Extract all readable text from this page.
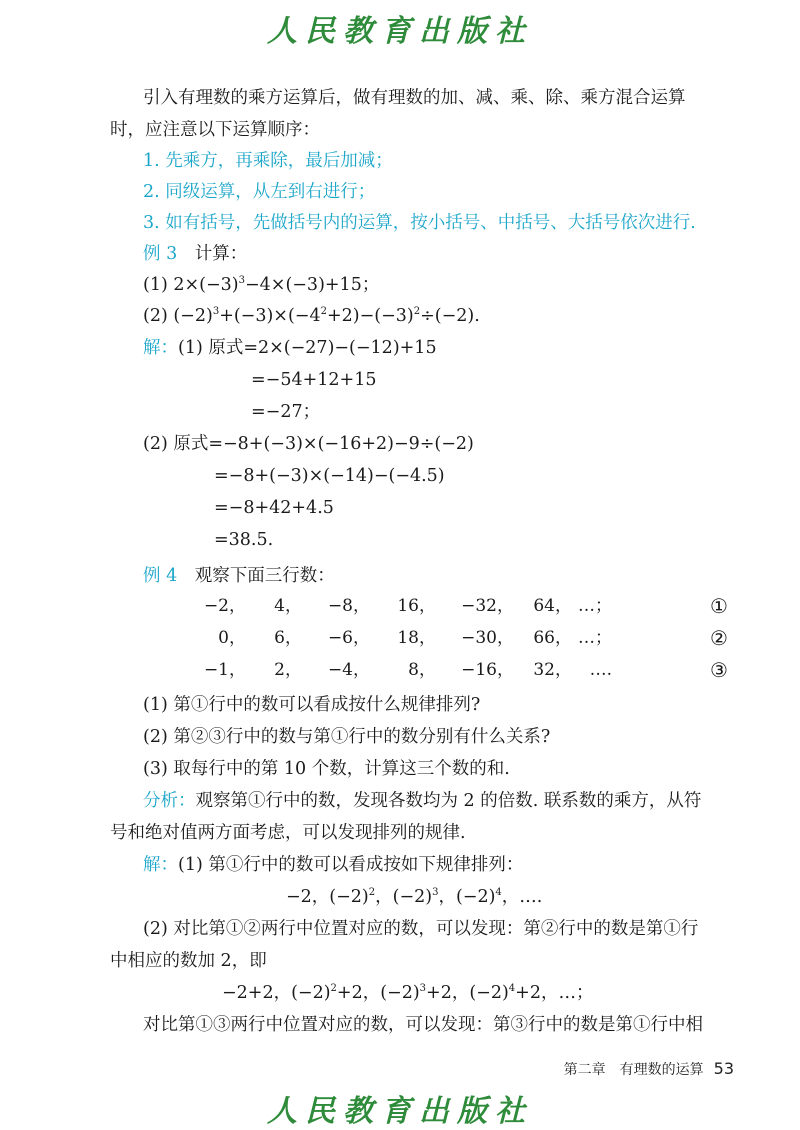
人民教育出版社
引入有理数的乘方运算后，做有理数的加、减、乘、除、乘方混合运算
时，应注意以下运算顺序：
1. 先乘方，再乘除，最后加减；
2. 同级运算，从左到右进行；
3. 如有括号，先做括号内的运算，按小括号、中括号、大括号依次进行.
例 3 计算：
(1) $2\times(-3)^3-4\times(-3)+15$；
(2) $(-2)^3+(-3)\times(-4^2+2)-(-3)^2\div(-2)$.
解：(1) 原式=2×(−27)−(−12)+15
=−54+12+15
=−27；
(2) 原式=−8+(−3)×(−16+2)−9÷(−2)
=−8+(−3)×(−14)−(−4.5)
=−8+42+4.5
=38.5.
例 4 观察下面三行数：
−2，	4，	−8，	16，	−32，	64， …；	①
0，	6，	−6，	18，	−30，	66， …；	②
−1，	2，	−4，	8，	−16，	32，	….	③
(1) 第①行中的数可以看成按什么规律排列?
(2) 第②③行中的数与第①行中的数分别有什么关系?
(3) 取每行中的第 10 个数，计算这三个数的和.
分析：观察第①行中的数，发现各数均为 2 的倍数. 联系数的乘方，从符
号和绝对值两方面考虑，可以发现排列的规律.
解：(1) 第①行中的数可以看成按如下规律排列：
−2，$(-2)^2$，$(-2)^3$，$(-2)^4$，….
(2) 对比第①②两行中位置对应的数，可以发现：第②行中的数是第①行
中相应的数加 2，即
−2+2，$(-2)^2+2$，$(-2)^3+2$，$(-2)^4+2$，…；
对比第①③两行中位置对应的数，可以发现：第③行中的数是第①行中相
第二章　有理数的运算 53
人民教育出版社
